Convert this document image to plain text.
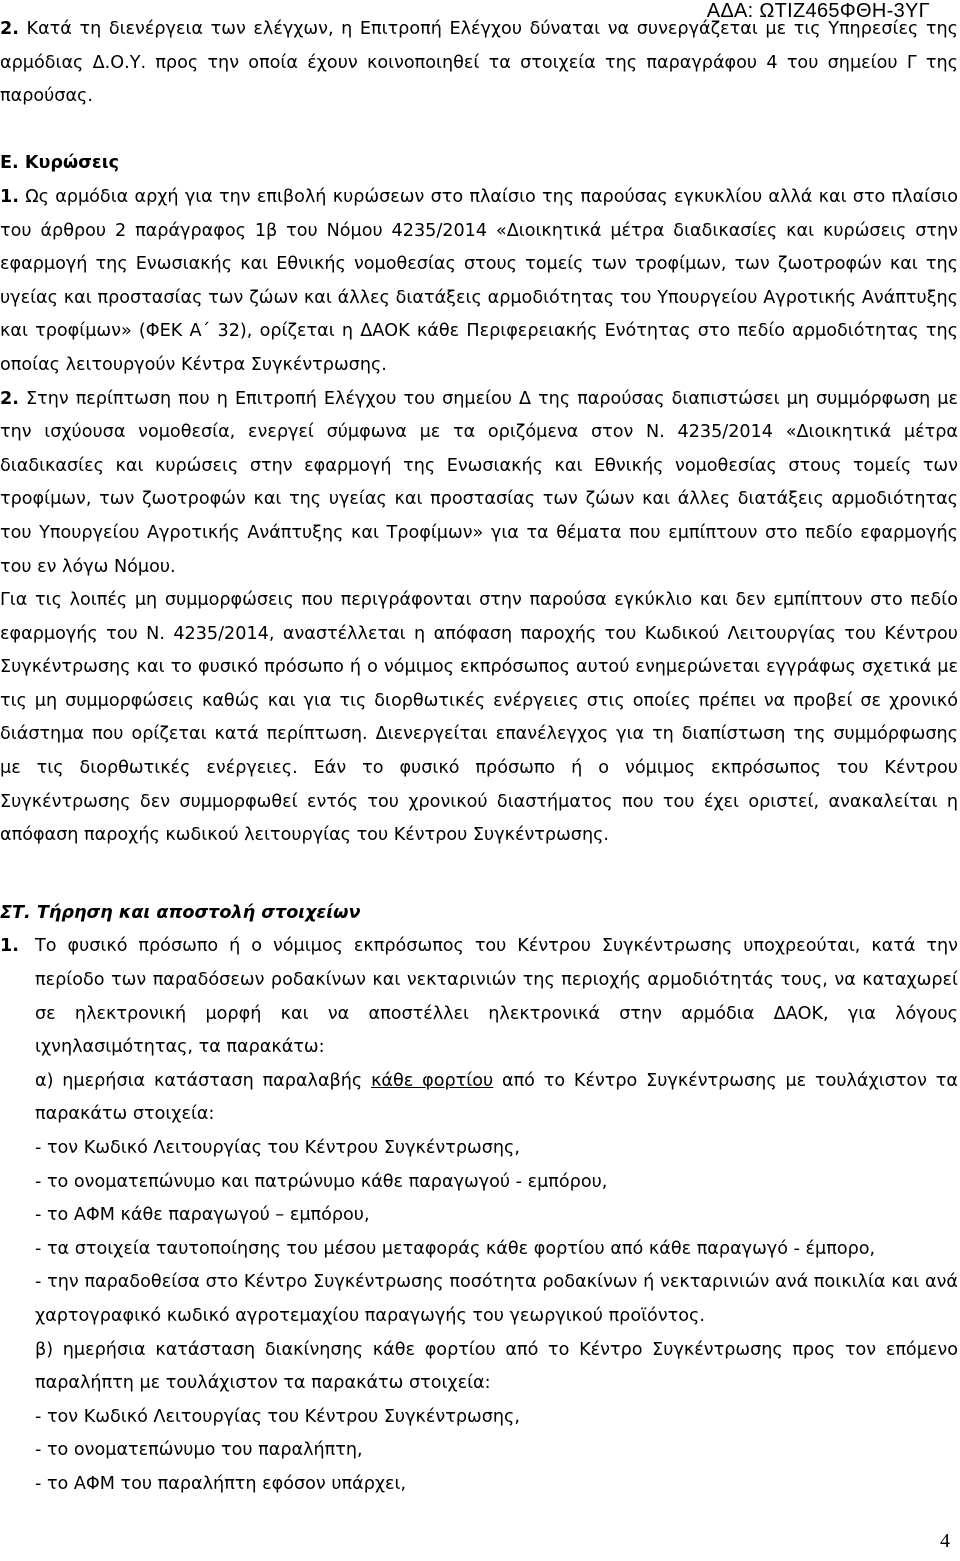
ΑΔΑ: ΩΤΙΖ465ΦΘΗ-3ΥΓ

2. Κατά τη διενέργεια των ελέγχων, η Επιτροπή Ελέγχου δύναται να συνεργάζεται με τις Υπηρεσίες της αρμόδιας Δ.Ο.Υ. προς την οποία έχουν κοινοποιηθεί τα στοιχεία της παραγράφου 4 του σημείου Γ της παρούσας.

Ε. Κυρώσεις

1. Ως αρμόδια αρχή για την επιβολή κυρώσεων στο πλαίσιο της παρούσας εγκυκλίου αλλά και στο πλαίσιο του άρθρου 2 παράγραφος 1β του Νόμου 4235/2014 «Διοικητικά μέτρα διαδικασίες και κυρώσεις στην εφαρμογή της Ενωσιακής και Εθνικής νομοθεσίας στους τομείς των τροφίμων, των ζωοτροφών και της υγείας και προστασίας των ζώων και άλλες διατάξεις αρμοδιότητας του Υπουργείου Αγροτικής Ανάπτυξης και τροφίμων» (ΦΕΚ Α΄ 32), ορίζεται η ΔΑΟΚ κάθε Περιφερειακής Ενότητας στο πεδίο αρμοδιότητας της οποίας λειτουργούν Κέντρα Συγκέντρωσης.

2. Στην περίπτωση που η Επιτροπή Ελέγχου του σημείου Δ της παρούσας διαπιστώσει μη συμμόρφωση με την ισχύουσα νομοθεσία, ενεργεί σύμφωνα με τα οριζόμενα στον Ν. 4235/2014 «Διοικητικά μέτρα διαδικασίες και κυρώσεις στην εφαρμογή της Ενωσιακής και Εθνικής νομοθεσίας στους τομείς των τροφίμων, των ζωοτροφών και της υγείας και προστασίας των ζώων και άλλες διατάξεις αρμοδιότητας του Υπουργείου Αγροτικής Ανάπτυξης και Τροφίμων» για τα θέματα που εμπίπτουν στο πεδίο εφαρμογής του εν λόγω Νόμου.

Για τις λοιπές μη συμμορφώσεις που περιγράφονται στην παρούσα εγκύκλιο και δεν εμπίπτουν στο πεδίο εφαρμογής του Ν. 4235/2014, αναστέλλεται η απόφαση παροχής του Κωδικού Λειτουργίας του Κέντρου Συγκέντρωσης και το φυσικό πρόσωπο ή ο νόμιμος εκπρόσωπος αυτού ενημερώνεται εγγράφως σχετικά με τις μη συμμορφώσεις καθώς και για τις διορθωτικές ενέργειες στις οποίες πρέπει να προβεί σε χρονικό διάστημα που ορίζεται κατά περίπτωση. Διενεργείται επανέλεγχος για τη διαπίστωση της συμμόρφωσης με τις διορθωτικές ενέργειες. Εάν το φυσικό πρόσωπο ή ο νόμιμος εκπρόσωπος του Κέντρου Συγκέντρωσης δεν συμμορφωθεί εντός του χρονικού διαστήματος που του έχει οριστεί, ανακαλείται η απόφαση παροχής κωδικού λειτουργίας του Κέντρου Συγκέντρωσης.

ΣΤ. Τήρηση και αποστολή στοιχείων

1. Το φυσικό πρόσωπο ή ο νόμιμος εκπρόσωπος του Κέντρου Συγκέντρωσης υποχρεούται, κατά την περίοδο των παραδόσεων ροδακίνων και νεκταρινιών της περιοχής αρμοδιότητάς τους, να καταχωρεί σε ηλεκτρονική μορφή και να αποστέλλει ηλεκτρονικά στην αρμόδια ΔΑΟΚ, για λόγους ιχνηλασιμότητας, τα παρακάτω:

α) ημερήσια κατάσταση παραλαβής κάθε φορτίου από το Κέντρο Συγκέντρωσης με τουλάχιστον τα παρακάτω στοιχεία:

- τον Κωδικό Λειτουργίας του Κέντρου Συγκέντρωσης,

- το ονοματεπώνυμο και πατρώνυμο κάθε παραγωγού - εμπόρου,

- το ΑΦΜ κάθε παραγωγού – εμπόρου,

- τα στοιχεία ταυτοποίησης του μέσου μεταφοράς κάθε φορτίου από κάθε παραγωγό - έμπορο,

- την παραδοθείσα στο Κέντρο Συγκέντρωσης ποσότητα ροδακίνων ή νεκταρινιών ανά ποικιλία και ανά χαρτογραφικό κωδικό αγροτεμαχίου παραγωγής του γεωργικού προϊόντος.

β) ημερήσια κατάσταση διακίνησης κάθε φορτίου από το Κέντρο Συγκέντρωσης προς τον επόμενο παραλήπτη με τουλάχιστον τα παρακάτω στοιχεία:

- τον Κωδικό Λειτουργίας του Κέντρου Συγκέντρωσης,

- το ονοματεπώνυμο του παραλήπτη,

- το ΑΦΜ του παραλήπτη εφόσον υπάρχει,

4
